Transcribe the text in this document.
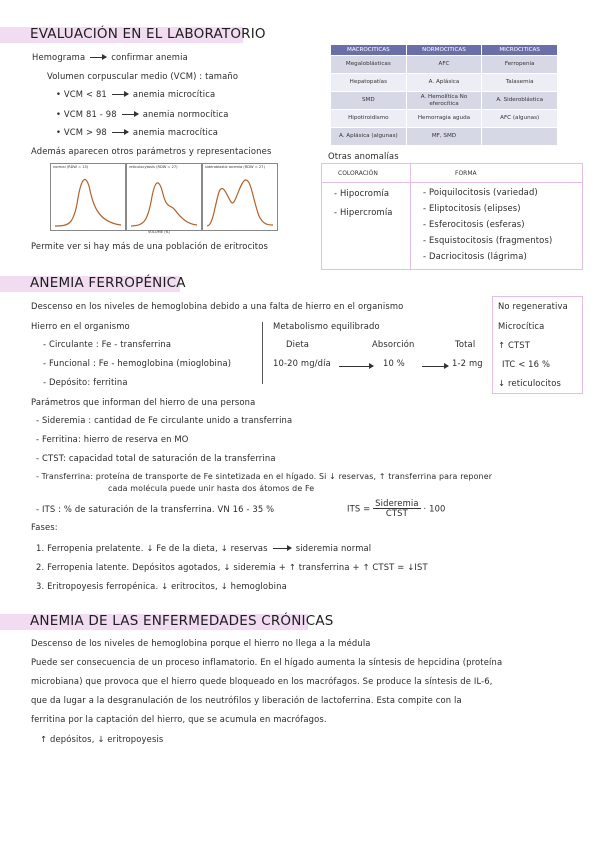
EVALUACIÓN EN EL LABORATORIO
Hemograma	confirmar anemia
Volumen corpuscular medio (VCM) : tamaño
• VCM < 81	anemia microcítica
• VCM 81 - 98	anemia normocítica
• VCM > 98	anemia macrocítica
Además aparecen otros parámetros y representaciones
MACROCITICAS	NORMOCITICAS	MICROCITICAS
Megaloblásticas	AFC	Ferropenia
Hepatopatías	A. Aplásica	Talasemia
SMD	A. Hemolítica No eferocítica	A. Sideroblástica
Hipotiroidismo	Hemorragia aguda	AFC (algunas)
A. Aplásica (algunas)	MF, SMD	
normal (RDW = 15)	reticulocytosis (RDW = 27)	sideroblastic anemia (RDW = 27)
VOLUME (fL)
Permite ver si hay más de una población de eritrocitos
Otras anomalías
COLORACIÓN	FORMA
- Hipocromía
- Hipercromía
- Poiquilocitosis (variedad)
- Eliptocitosis (elipses)
- Esferocitosis (esferas)
- Esquistocitosis (fragmentos)
- Dacriocitosis (lágrima)
ANEMIA FERROPÉNICA
Descenso en los niveles de hemoglobina debido a una falta de hierro en el organismo	No regenerativa
Microcítica
↑ CTST
ITC < 16 %
↓ reticulocitos
Hierro en el organismo
- Circulante : Fe - transferrina
- Funcional : Fe - hemoglobina (mioglobina)
- Depósito: ferritina
Metabolismo equilibrado
Dieta	Absorción	Total
10-20 mg/día	10 %	1-2 mg
Parámetros que informan del hierro de una persona
- Sideremia : cantidad de Fe circulante unido a transferrina
- Ferritina: hierro de reserva en MO
- CTST: capacidad total de saturación de la transferrina
- Transferrina: proteína de transporte de Fe sintetizada en el hígado. Si ↓ reservas, ↑ transferrina para reponer
cada molécula puede unir hasta dos átomos de Fe
- ITS : % de saturación de la transferrina. VN 16 - 35 %	ITS = $\frac{\text{Sideremia}}{\text{CTST}} \cdot 100$
Fases:
1. Ferropenia prelatente. ↓ Fe de la dieta, ↓ reservas	sideremia normal
2. Ferropenia latente. Depósitos agotados, ↓ sideremia + ↑ transferrina + ↑ CTST = ↓IST
3. Eritropoyesis ferropénica. ↓ eritrocitos, ↓ hemoglobina
ANEMIA DE LAS ENFERMEDADES CRÓNICAS
Descenso de los niveles de hemoglobina porque el hierro no llega a la médula
Puede ser consecuencia de un proceso inflamatorio. En el hígado aumenta la síntesis de hepcidina (proteína
microbiana) que provoca que el hierro quede bloqueado en los macrófagos. Se produce la síntesis de IL-6,
que da lugar a la desgranulación de los neutrófilos y liberación de lactoferrina. Esta compite con la
ferritina por la captación del hierro, que se acumula en macrófagos.
↑ depósitos, ↓ eritropoyesis
